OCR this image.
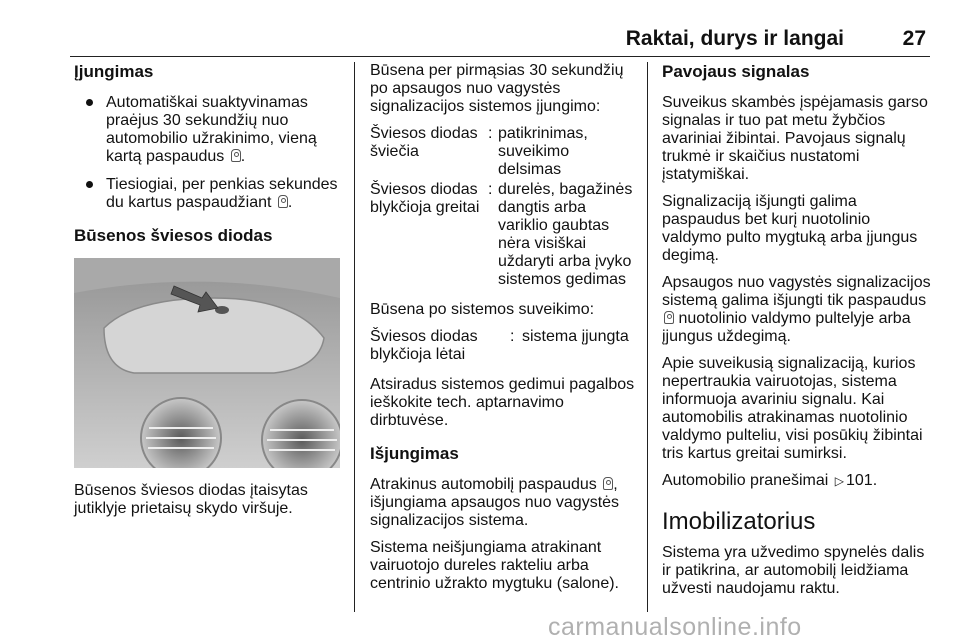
Raktai, durys ir langai	27
Įjungimas
Automatiškai suaktyvinamas praėjus 30 sekundžių nuo automobilio užrakinimo, vieną kartą paspaudus .
Tiesiogiai, per penkias sekundes du kartus paspaudžiant .
Būsenos šviesos diodas

Būsenos šviesos diodas įtaisytas jutiklyje prietaisų skydo viršuje.

Būsena per pirmąsias 30 sekundžių po apsaugos nuo vagystės signalizacijos sistemos įjungimo:

Šviesos diodas šviečia
: patikrinimas, suveikimo delsimas
Šviesos diodas blykčioja greitai
: durelės, bagažinės dangtis arba variklio gaubtas nėra visiškai uždaryti arba įvyko sistemos gedimas

Būsena po sistemos suveikimo:

Šviesos diodas blykčioja lėtai
: sistema įjungta

Atsiradus sistemos gedimui pagalbos ieškokite tech. aptarnavimo dirbtuvėse.

Išjungimas

Atrakinus automobilį paspaudus , išjungiama apsaugos nuo vagystės signalizacijos sistema.

Sistema neišjungiama atrakinant vairuotojo dureles rakteliu arba centrinio užrakto mygtuku (salone).

Pavojaus signalas

Suveikus skambės įspėjamasis garso signalas ir tuo pat metu žybčios avariniai žibintai. Pavojaus signalų trukmė ir skaičius nustatomi įstatymiškai.

Signalizaciją išjungti galima paspaudus bet kurį nuotolinio valdymo pulto mygtuką arba įjungus degimą.

Apsaugos nuo vagystės signalizacijos sistemą galima išjungti tik paspaudus  nuotolinio valdymo pultelyje arba įjungus uždegimą.

Apie suveikusią signalizaciją, kurios nepertraukia vairuotojas, sistema informuoja avariniu signalu. Kai automobilis atrakinamas nuotolinio valdymo pulteliu, visi posūkių žibintai tris kartus greitai sumirksi.

Automobilio pranešimai ▷ 101.

Imobilizatorius

Sistema yra užvedimo spynelės dalis ir patikrina, ar automobilį leidžiama užvesti naudojamu raktu.

carmanualsonline.info
